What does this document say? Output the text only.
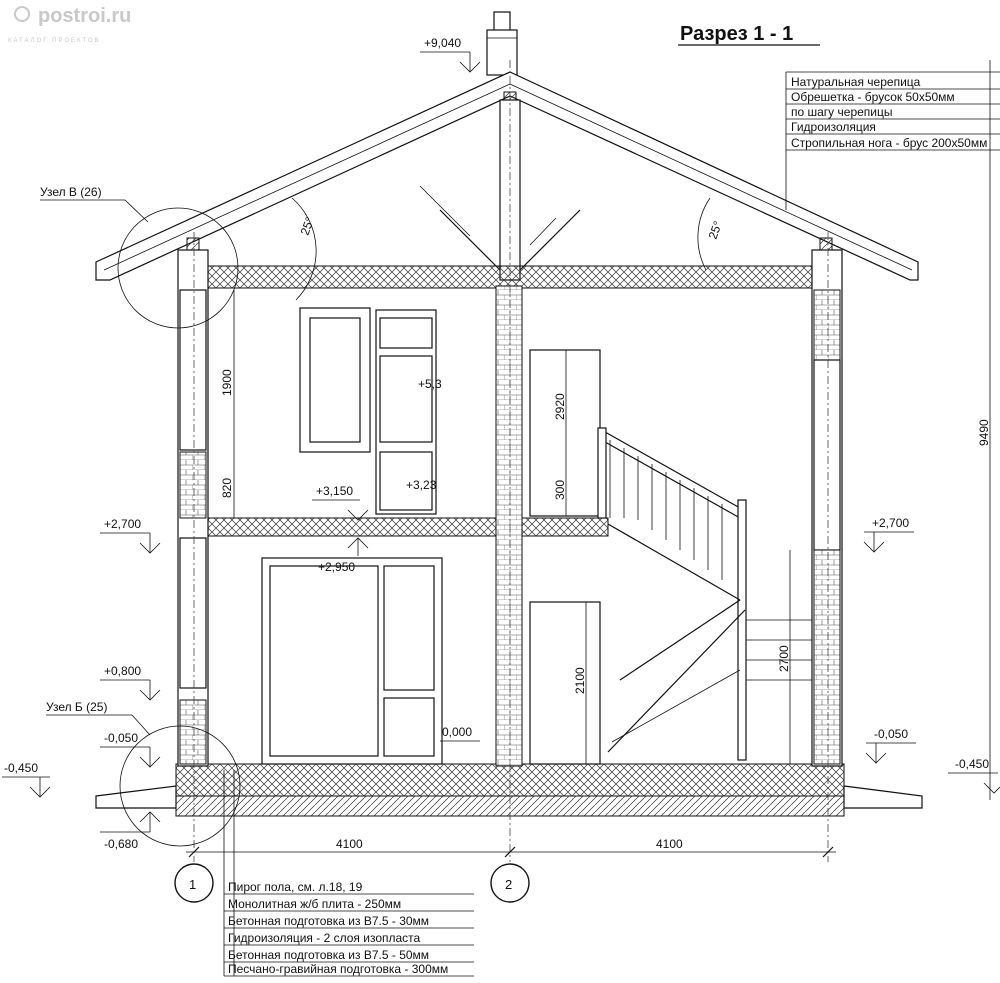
postroi.ru
КАТАЛОГ ПРОЕКТОВ	Разрез 1 - 1
1	2
4100	4100
Натуральная черепица
Обрешетка - брусок 50х50мм
по шагу черепицы
Гидроизоляция
Стропильная нога - брус 200х50мм
Пирог пола, см. л.18, 19
Монолитная ж/б плита - 250мм
Бетонная подготовка из В7.5 - 30мм
Гидроизоляция - 2 слоя изопласта
Бетонная подготовка из В7.5 - 50мм
Песчано-гравийная подготовка - 300мм
Узел В (26)
Узел Б (25)
+9,040
+2,700	+2,700
+0,800
-0,050	-0,050
-0,450	-0,450
-0,680
+3,150
+2,950
0,000
+5,3
+3,23
1900
820
2920
300
2100
2700
9490
25°	25°
